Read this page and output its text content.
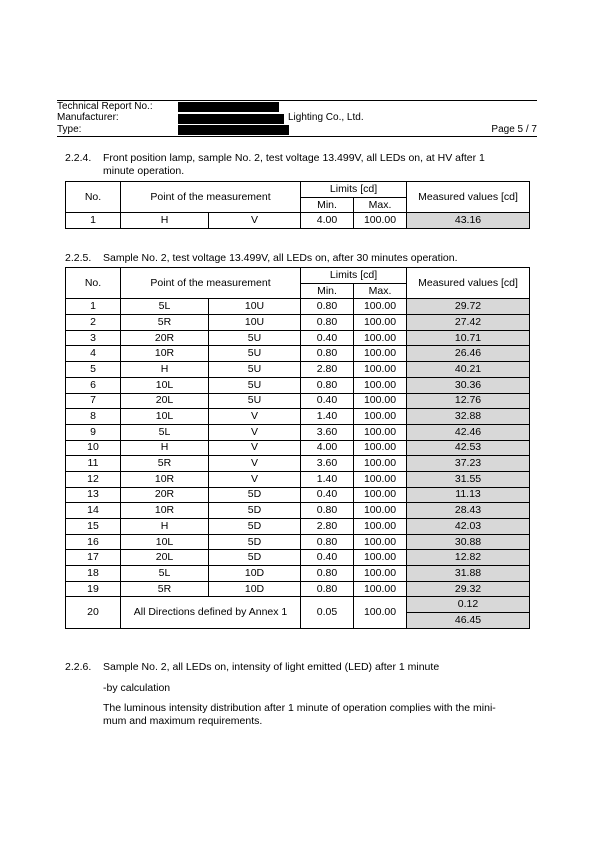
Technical Report No.:
Manufacturer:	Lighting Co., Ltd.
Type:	Page 5 / 7
2.2.4. Front position lamp, sample No. 2, test voltage 13.499V, all LEDs on, at HV after 1
minute operation.
No.	Point of the measurement		Limits [cd]		Measured values [cd]
			Min.	Max.	
1	H	V	4.00	100.00	43.16
2.2.5. Sample No. 2, test voltage 13.499V, all LEDs on, after 30 minutes operation.
No.	Point of the measurement		Limits [cd]		Measured values [cd]
			Min.	Max.	
1	5L	10U	0.80	100.00	29.72
2	5R	10U	0.80	100.00	27.42
3	20R	5U	0.40	100.00	10.71
4	10R	5U	0.80	100.00	26.46
5	H	5U	2.80	100.00	40.21
6	10L	5U	0.80	100.00	30.36
7	20L	5U	0.40	100.00	12.76
8	10L	V	1.40	100.00	32.88
9	5L	V	3.60	100.00	42.46
10	H	V	4.00	100.00	42.53
11	5R	V	3.60	100.00	37.23
12	10R	V	1.40	100.00	31.55
13	20R	5D	0.40	100.00	11.13
14	10R	5D	0.80	100.00	28.43
15	H	5D	2.80	100.00	42.03
16	10L	5D	0.80	100.00	30.88
17	20L	5D	0.40	100.00	12.82
18	5L	10D	0.80	100.00	31.88
19	5R	10D	0.80	100.00	29.32
20	All Directions defined by Annex 1		0.05	100.00	0.12
					46.45
2.2.6. Sample No. 2, all LEDs on, intensity of light emitted (LED) after 1 minute
-by calculation
The luminous intensity distribution after 1 minute of operation complies with the mini-
mum and maximum requirements.
